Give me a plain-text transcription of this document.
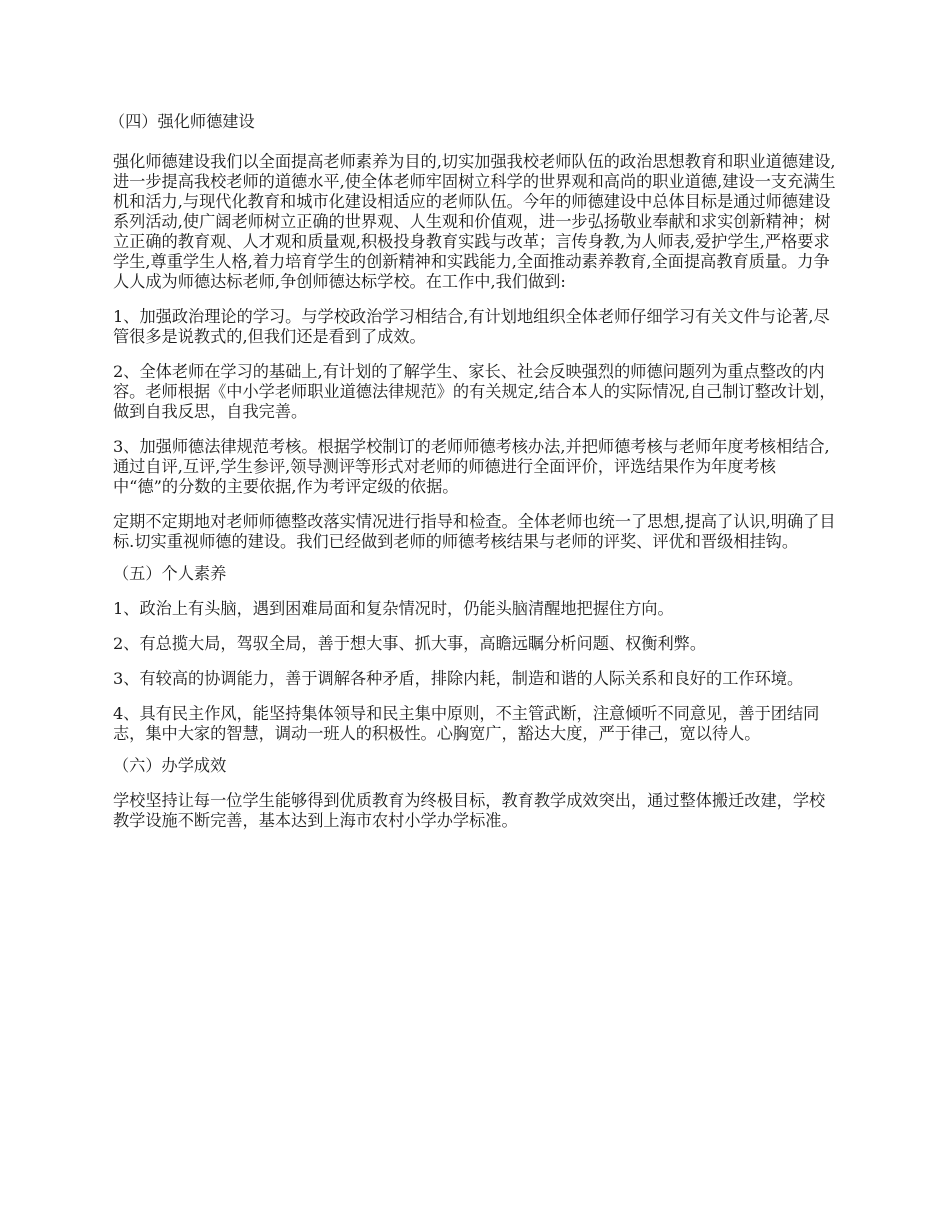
（四）强化师德建设

强化师德建设我们以全面提高老师素养为目的,切实加强我校老师队伍的政治思想教育和职业道德建设,进一步提高我校老师的道德水平,使全体老师牢固树立科学的世界观和高尚的职业道德,建设一支充满生机和活力,与现代化教育和城市化建设相适应的老师队伍。今年的师德建设中总体目标是通过师德建设系列活动,使广阔老师树立正确的世界观、人生观和价值观，进一步弘扬敬业奉献和求实创新精神；树立正确的教育观、人才观和质量观,积极投身教育实践与改革；言传身教,为人师表,爱护学生,严格要求学生,尊重学生人格,着力培育学生的创新精神和实践能力,全面推动素养教育,全面提高教育质量。力争人人成为师德达标老师,争创师德达标学校。在工作中,我们做到:

1、加强政治理论的学习。与学校政治学习相结合,有计划地组织全体老师仔细学习有关文件与论著,尽管很多是说教式的,但我们还是看到了成效。

2、全体老师在学习的基础上,有计划的了解学生、家长、社会反映强烈的师德问题列为重点整改的内容。老师根据《中小学老师职业道德法律规范》的有关规定,结合本人的实际情况,自己制订整改计划，做到自我反思，自我完善。

3、加强师德法律规范考核。根据学校制订的老师师德考核办法,并把师德考核与老师年度考核相结合,通过自评,互评,学生参评,领导测评等形式对老师的师德进行全面评价，评选结果作为年度考核中“德”的分数的主要依据,作为考评定级的依据。

定期不定期地对老师师德整改落实情况进行指导和检查。全体老师也统一了思想,提高了认识,明确了目标.切实重视师德的建设。我们已经做到老师的师德考核结果与老师的评奖、评优和晋级相挂钩。

（五）个人素养

1、政治上有头脑，遇到困难局面和复杂情况时，仍能头脑清醒地把握住方向。

2、有总揽大局，驾驭全局，善于想大事、抓大事，高瞻远瞩分析问题、权衡利弊。

3、有较高的协调能力，善于调解各种矛盾，排除内耗，制造和谐的人际关系和良好的工作环境。

4、具有民主作风，能坚持集体领导和民主集中原则，不主管武断，注意倾听不同意见，善于团结同志，集中大家的智慧，调动一班人的积极性。心胸宽广，豁达大度，严于律己，宽以待人。

（六）办学成效

学校坚持让每一位学生能够得到优质教育为终极目标，教育教学成效突出，通过整体搬迁改建，学校教学设施不断完善，基本达到上海市农村小学办学标准。
